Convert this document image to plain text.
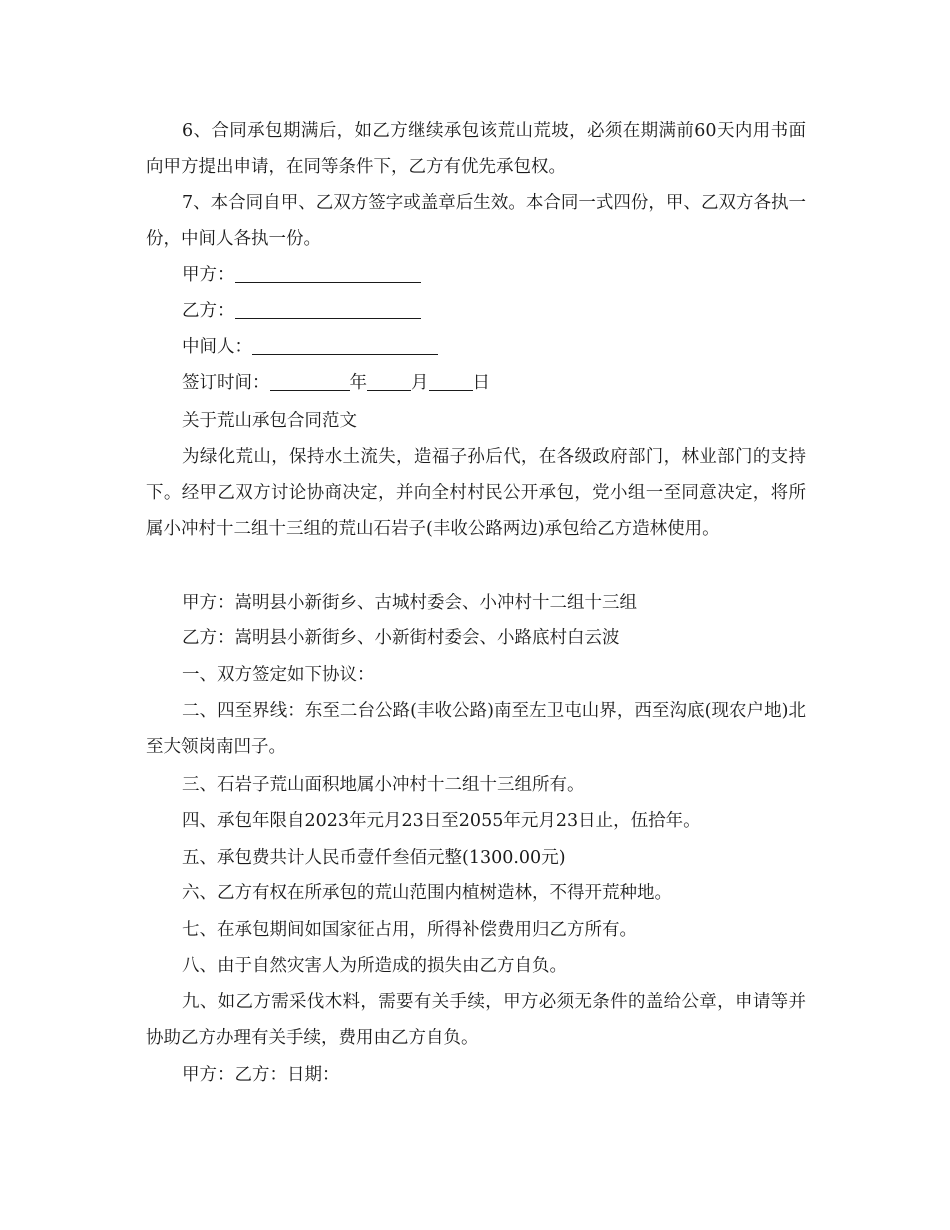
6、合同承包期满后，如乙方继续承包该荒山荒坡，必须在期满前60天内用书面向甲方提出申请，在同等条件下，乙方有优先承包权。

7、本合同自甲、乙双方签字或盖章后生效。本合同一式四份，甲、乙双方各执一份，中间人各执一份。

甲方：

乙方：

中间人：

签订时间：	年	月	日

关于荒山承包合同范文

为绿化荒山，保持水土流失，造福子孙后代，在各级政府部门，林业部门的支持下。经甲乙双方讨论协商决定，并向全村村民公开承包，党小组一至同意决定，将所属小冲村十二组十三组的荒山石岩子(丰收公路两边)承包给乙方造林使用。

甲方：嵩明县小新街乡、古城村委会、小冲村十二组十三组

乙方：嵩明县小新街乡、小新街村委会、小路底村白云波

一、双方签定如下协议：

二、四至界线：东至二台公路(丰收公路)南至左卫屯山界，西至沟底(现农户地)北至大领岗南凹子。

三、石岩子荒山面积地属小冲村十二组十三组所有。

四、承包年限自2023年元月23日至2055年元月23日止，伍拾年。

五、承包费共计人民币壹仟叁佰元整(1300.00元)

六、乙方有权在所承包的荒山范围内植树造林，不得开荒种地。

七、在承包期间如国家征占用，所得补偿费用归乙方所有。

八、由于自然灾害人为所造成的损失由乙方自负。

九、如乙方需采伐木料，需要有关手续，甲方必须无条件的盖给公章，申请等并协助乙方办理有关手续，费用由乙方自负。

甲方：乙方：日期：
